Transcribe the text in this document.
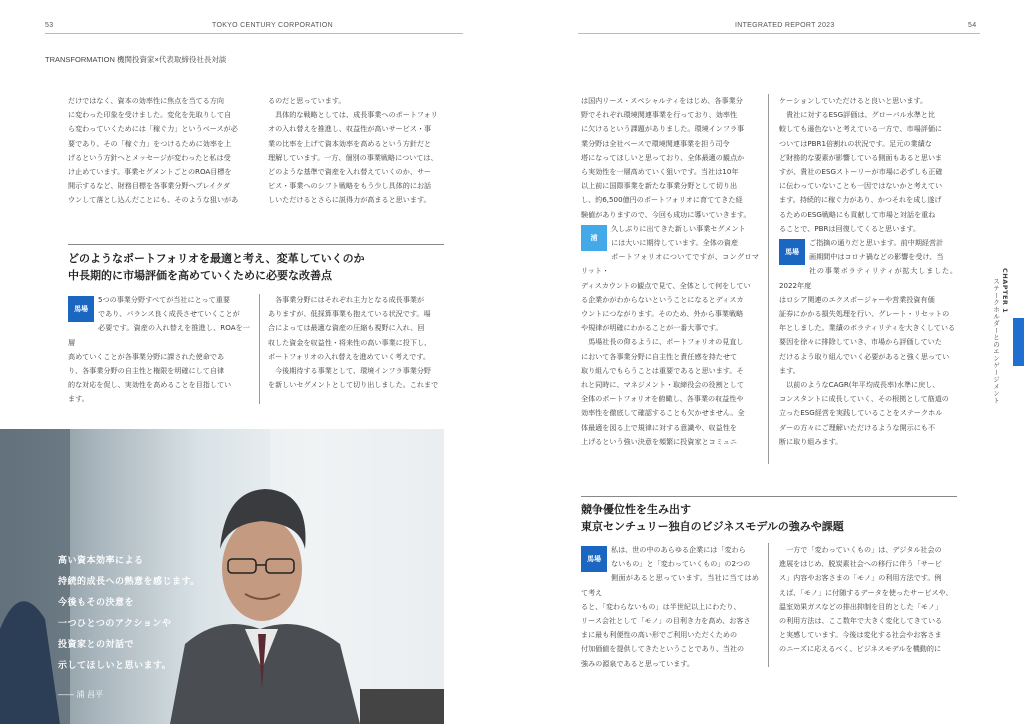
53	TOKYO CENTURY CORPORATION	INTEGRATED REPORT 2023	54
TRANSFORMATION 機関投資家×代表取締役社長対談
だけではなく、資本の効率性に焦点を当てる方向
に変わった印象を受けました。変化を先取りして自
ら変わっていくためには「稼ぐ力」というベースが必
要であり、その「稼ぐ力」をつけるために効率を上
げるという方針へとメッセージが変わったと私は受
け止めています。事業セグメントごとのROA目標を
開示するなど、財務目標を各事業分野へブレイクダ
ウンして落とし込んだことにも、そのような狙いがあ
るのだと思っています。
　具体的な戦略としては、成長事業へのポートフォリ
オの入れ替えを推進し、収益性が高いサービス・事
業の比率を上げて資本効率を高めるという方針だと
理解しています。一方、個別の事業戦略については、
どのような基準で資産を入れ替えていくのか、サー
ビス・事業へのシフト戦略をもう少し具体的にお話
しいただけるとさらに説得力が高まると思います。
どのようなポートフォリオを最適と考え、変革していくのか
中長期的に市場評価を高めていくために必要な改善点
馬場
5つの事業分野すべてが当社にとって重要
であり、バランス良く成長させていくことが
必要です。資産の入れ替えを推進し、ROAを一層
高めていくことが各事業分野に課された使命であ
り、各事業分野の自主性と権限を明確にして自律
的な対応を促し、実効性を高めることを目指してい
ます。
　各事業分野にはそれぞれ主力となる成長事業が
ありますが、低採算事業も抱えている状況です。場
合によっては最適な資産の圧縮も視野に入れ、回
収した資金を収益性・将来性の高い事業に投下し、
ポートフォリオの入れ替えを進めていく考えです。
　今後期待する事業として、環境インフラ事業分野
を新しいセグメントとして切り出しました。これまで
高い資本効率による
持続的成長への熱意を感じます。
今後もその決意を
一つひとつのアクションや
投資家との対話で
示してほしいと思います。
―― 浦 昌平
は国内リース・スペシャルティをはじめ、各事業分
野でそれぞれ環境関連事業を行っており、効率性
に欠けるという課題がありました。環境インフラ事
業分野は全社ベースで環境関連事業を担う司令
塔になってほしいと思っており、全体最適の観点か
ら実効性を一層高めていく狙いです。当社は10年
以上前に国際事業を新たな事業分野として切り出
し、約6,500億円のポートフォリオに育ててきた経
験値がありますので、今回も成功に導いていきます。
浦
久しぶりに出てきた新しい事業セグメント
には大いに期待しています。全体の資産
ポートフォリオについてですが、コングロマリット・
ディスカウントの観点で見て、全体として何をしてい
る企業かがわからないということになるとディスカ
ウントにつながります。そのため、外から事業戦略
や規律が明確にわかることが一番大事です。
　馬場社長の仰るように、ポートフォリオの見直し
において各事業分野に自主性と責任感を持たせて
取り組んでもらうことは重要であると思います。そ
れと同時に、マネジメント・取締役会の役割として
全体のポートフォリオを俯瞰し、各事業の収益性や
効率性を徹底して確認することも欠かせません。全
体最適を図る上で規律に対する意識や、収益性を
上げるという強い決意を頻繁に投資家とコミュニ
ケーションしていただけると良いと思います。
　貴社に対するESG評価は、グローバル水準と比
較しても遜色ないと考えている一方で、市場評価に
ついてはPBR1倍割れの状況です。足元の業績な
ど財務的な要素が影響している側面もあると思いま
すが、貴社のESGストーリーが市場に必ずしも正確
に伝わっていないことも一因ではないかと考えてい
ます。持続的に稼ぐ力があり、かつそれを成し遂げ
るためのESG戦略にも貢献して市場と対話を重ね
ることで、PBRは回復してくると思います。
馬場
ご指摘の通りだと思います。前中期経営計
画期間中はコロナ禍などの影響を受け、当
社の事業ボラティリティが拡大しました。2022年度
はロシア関連のエクスポージャーや営業投資有価
証券にかかる損失処理を行い、グレート・リセットの
年としました。業績のボラティリティを大きくしている
要因を徐々に排除していき、市場から評価していた
だけるよう取り組んでいく必要があると強く思ってい
ます。
　以前のようなCAGR(年平均成長率)水準に戻し、
コンスタントに成長していく、その根拠として筋道の
立ったESG経営を実践していることをステークホル
ダーの方々にご理解いただけるような開示にも不
断に取り組みます。
競争優位性を生み出す
東京センチュリー独自のビジネスモデルの強みや課題
馬場
私は、世の中のあらゆる企業には「変わら
ないもの」と「変わっていくもの」の2つの
側面があると思っています。当社に当てはめて考え
ると、「変わらないもの」は半世紀以上にわたり、
リース会社として「モノ」の目利き力を高め、お客さ
まに最も利便性の高い形でご利用いただくための
付加価値を提供してきたということであり、当社の
強みの源泉であると思っています。
　一方で「変わっていくもの」は、デジタル社会の
進展をはじめ、脱炭素社会への移行に伴う「サービ
ス」内容やお客さまの「モノ」の利用方法です。例
えば、「モノ」に付随するデータを使ったサービスや、
温室効果ガスなどの排出抑制を目的とした「モノ」
の利用方法は、ここ数年で大きく変化してきている
と実感しています。今後は変化する社会やお客さま
のニーズに応えるべく、ビジネスモデルを機動的に
CHAPTER 1
ステークホルダーとのエンゲージメント
